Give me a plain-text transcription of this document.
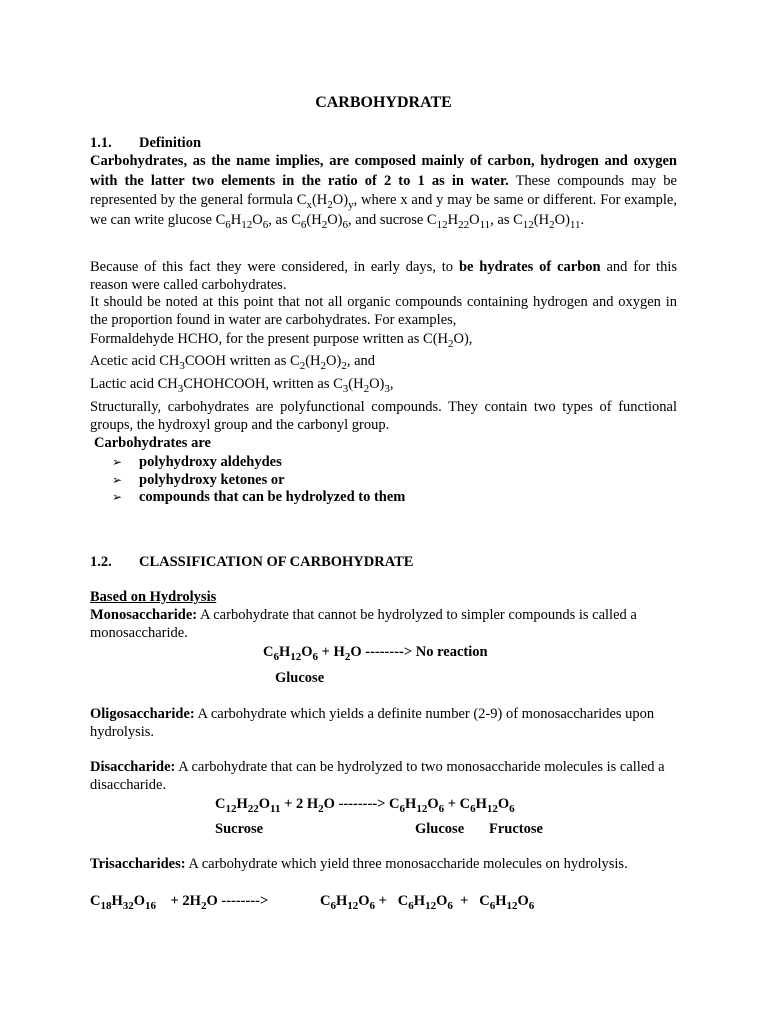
CARBOHYDRATE
1.1. Definition

Carbohydrates, as the name implies, are composed mainly of carbon, hydrogen and oxygen with the latter two elements in the ratio of 2 to 1 as in water. These compounds may be represented by the general formula $C_x(H_2O)_y$, where x and y may be same or different. For example, we can write glucose $C_6H_{12}O_6$, as $C_6(H_2O)_6$, and sucrose $C_{12}H_{22}O_{11}$, as $C_{12}(H_2O)_{11}$.

Because of this fact they were considered, in early days, to be hydrates of carbon and for this reason were called carbohydrates.

It should be noted at this point that not all organic compounds containing hydrogen and oxygen in the proportion found in water are carbohydrates. For examples,

Formaldehyde HCHO, for the present purpose written as $C(H_2O)$,

Acetic acid $CH_3COOH$ written as $C_2(H_2O)_2$, and

Lactic acid $CH_3CHOHCOOH$, written as $C_3(H_2O)_3$,

Structurally, carbohydrates are polyfunctional compounds. They contain two types of functional groups, the hydroxyl group and the carbonyl group.

Carbohydrates are

➢ polyhydroxy aldehydes
➢ polyhydroxy ketones or
➢ compounds that can be hydrolyzed to them
1.2. CLASSIFICATION OF CARBOHYDRATE

Based on Hydrolysis

Monosaccharide: A carbohydrate that cannot be hydrolyzed to simpler compounds is called a monosaccharide.

$C_6H_{12}O_6 + H_2O$ --------> No reaction
Glucose

Oligosaccharide: A carbohydrate which yields a definite number (2-9) of monosaccharides upon hydrolysis.

Disaccharide: A carbohydrate that can be hydrolyzed to two monosaccharide molecules is called a disaccharide.

$C_{12}H_{22}O_{11} + 2$ $H_2O$ --------> $C_6H_{12}O_6 + C_6H_{12}O_6$
Sucrose	Glucose Fructose

Trisaccharides: A carbohydrate which yield three monosaccharide molecules on hydrolysis.

$C_{18}H_{32}O_{16} + 2H_2O$ -------->	$C_6H_{12}O_6 + C_6H_{12}O_6 + C_6H_{12}O_6$
